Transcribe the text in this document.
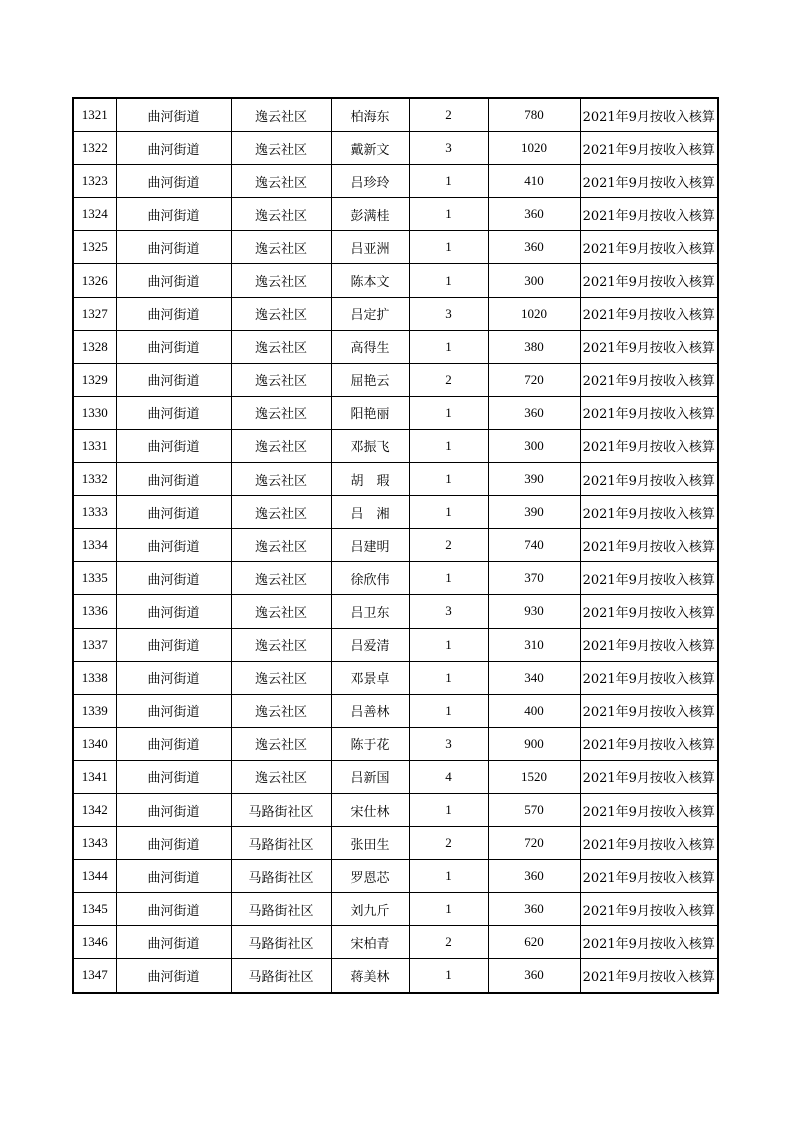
1321	曲河街道	逸云社区	柏海东	2	780	2021年9月按收入核算
1322	曲河街道	逸云社区	戴新文	3	1020	2021年9月按收入核算
1323	曲河街道	逸云社区	吕珍玲	1	410	2021年9月按收入核算
1324	曲河街道	逸云社区	彭满桂	1	360	2021年9月按收入核算
1325	曲河街道	逸云社区	吕亚洲	1	360	2021年9月按收入核算
1326	曲河街道	逸云社区	陈本文	1	300	2021年9月按收入核算
1327	曲河街道	逸云社区	吕定扩	3	1020	2021年9月按收入核算
1328	曲河街道	逸云社区	高得生	1	380	2021年9月按收入核算
1329	曲河街道	逸云社区	屈艳云	2	720	2021年9月按收入核算
1330	曲河街道	逸云社区	阳艳丽	1	360	2021年9月按收入核算
1331	曲河街道	逸云社区	邓振飞	1	300	2021年9月按收入核算
1332	曲河街道	逸云社区	胡　瑕	1	390	2021年9月按收入核算
1333	曲河街道	逸云社区	吕　湘	1	390	2021年9月按收入核算
1334	曲河街道	逸云社区	吕建明	2	740	2021年9月按收入核算
1335	曲河街道	逸云社区	徐欣伟	1	370	2021年9月按收入核算
1336	曲河街道	逸云社区	吕卫东	3	930	2021年9月按收入核算
1337	曲河街道	逸云社区	吕爱清	1	310	2021年9月按收入核算
1338	曲河街道	逸云社区	邓景卓	1	340	2021年9月按收入核算
1339	曲河街道	逸云社区	吕善林	1	400	2021年9月按收入核算
1340	曲河街道	逸云社区	陈于花	3	900	2021年9月按收入核算
1341	曲河街道	逸云社区	吕新国	4	1520	2021年9月按收入核算
1342	曲河街道	马路街社区	宋仕林	1	570	2021年9月按收入核算
1343	曲河街道	马路街社区	张田生	2	720	2021年9月按收入核算
1344	曲河街道	马路街社区	罗恩芯	1	360	2021年9月按收入核算
1345	曲河街道	马路街社区	刘九斤	1	360	2021年9月按收入核算
1346	曲河街道	马路街社区	宋柏青	2	620	2021年9月按收入核算
1347	曲河街道	马路街社区	蒋美林	1	360	2021年9月按收入核算
